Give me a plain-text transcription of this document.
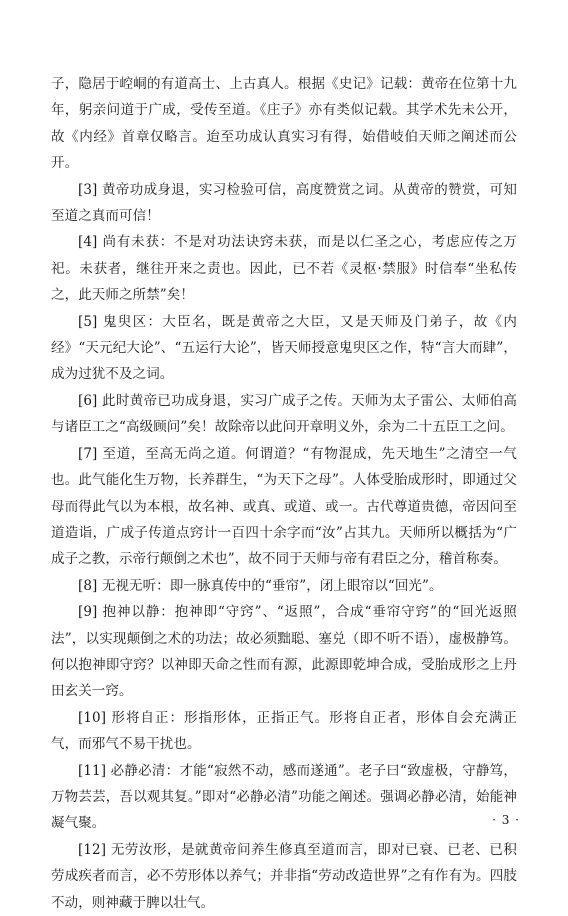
子，隐居于崆峒的有道高士、上古真人。根据《史记》记载：黄帝在位第十九年，躬亲问道于广成，受传至道。《庄子》亦有类似记载。其学术先未公开，故《内经》首章仅略言。迨至功成认真实习有得，始借岐伯天师之阐述而公开。

[3] 黄帝功成身退，实习检验可信，高度赞赏之词。从黄帝的赞赏，可知至道之真而可信！

[4] 尚有未获：不是对功法诀窍未获，而是以仁圣之心，考虑应传之万祀。未获者，继往开来之责也。因此，已不若《灵枢·禁服》时信奉“坐私传之，此天师之所禁”矣！

[5] 鬼臾区：大臣名，既是黄帝之大臣，又是天师及门弟子，故《内经》“天元纪大论”、“五运行大论”，皆天师授意鬼臾区之作，特“言大而肆”，成为过犹不及之词。

[6] 此时黄帝已功成身退，实习广成子之传。天师为太子雷公、太师伯高与诸臣工之“高级顾问”矣！故除帝以此问开章明义外，余为二十五臣工之问。

[7] 至道，至高无尚之道。何谓道？“有物混成，先天地生”之清空一气也。此气能化生万物，长养群生，“为天下之母”。人体受胎成形时，即通过父母而得此气以为本根，故名神、或真、或道、或一。古代尊道贵德，帝因问至道造诣，广成子传道点窍计一百四十余字而“汝”占其九。天师所以概括为“广成子之教，示帝行颠倒之术也”，故不同于天师与帝有君臣之分，稽首称奏。

[8] 无视无听：即一脉真传中的“垂帘”，闭上眼帘以“回光”。

[9] 抱神以静：抱神即“守窍”、“返照”，合成“垂帘守窍”的“回光返照法”，以实现颠倒之术的功法；故必须黜聪、塞兑（即不听不语），虚极静笃。何以抱神即守窍？以神即天命之性而有源，此源即乾坤合成，受胎成形之上丹田玄关一窍。

[10] 形将自正：形指形体，正指正气。形将自正者，形体自会充满正气，而邪气不易干扰也。

[11] 必静必清：才能“寂然不动，感而遂通”。老子曰“致虚极，守静笃，万物芸芸，吾以观其复。”即对“必静必清”功能之阐述。强调必静必清，始能神凝气聚。

[12] 无劳汝形，是就黄帝问养生修真至道而言，即对已衰、已老、已积劳成疾者而言，必不劳形体以养气；并非指“劳动改造世界”之有作有为。四肢不动，则神藏于脾以壮气。

· 3 ·
